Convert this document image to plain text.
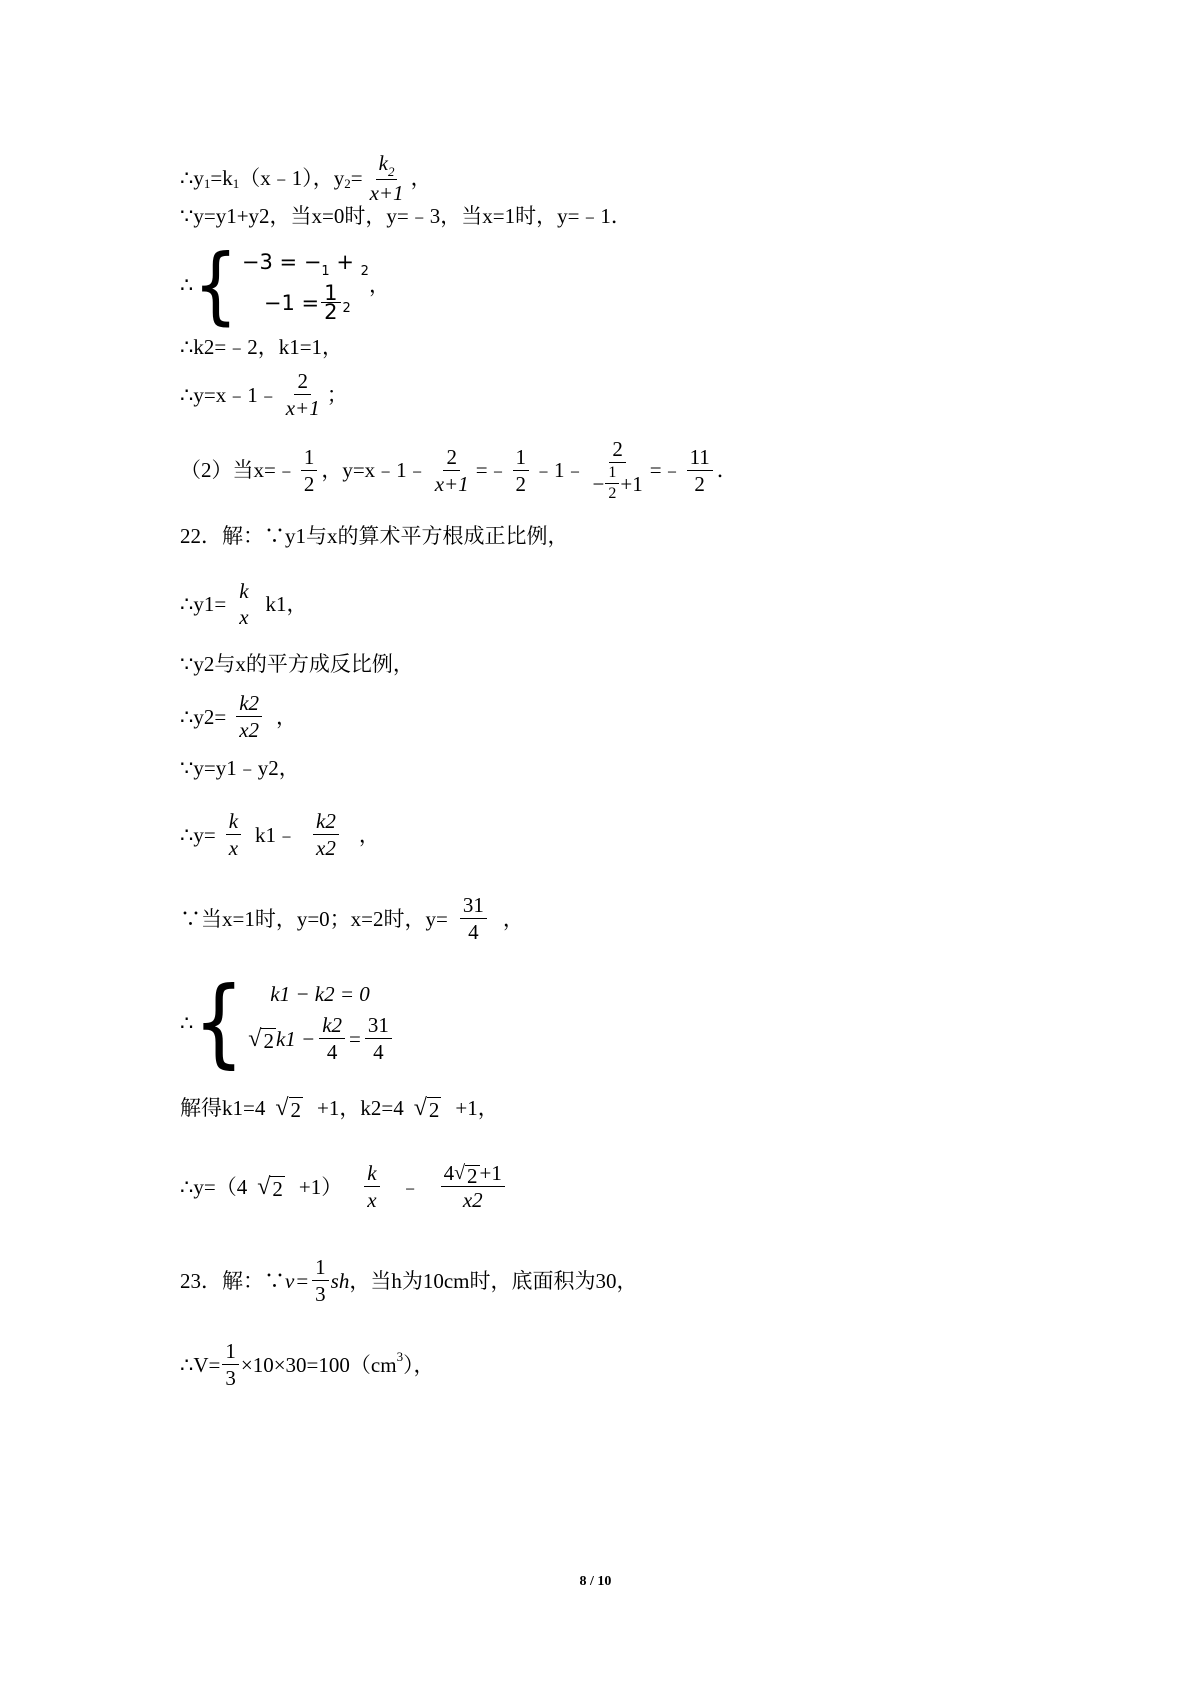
∴y 1 =k 1 （x﹣1），y $2 = \frac{k_2}{x+1}$ ，
∵y=y1+y2，当x=0时，y=﹣3，当x=1时，y=﹣1．
∴ { $-3 = -_1 + _2$
$-1 = \frac{1}{2} 2$
，
∴k2=﹣2，k1=1，
∴y=x﹣1﹣ $\frac{2}{x+1}$ ；
（2）当x=﹣ $\frac{1}{2}$ ，y=x﹣1﹣ $\frac{2}{x+1}$ =﹣ $\frac{1}{2}$ ﹣1﹣ $\frac{2}{- \frac{1}{2} +1}$ =﹣ $\frac{11}{2}$ ．
22．解：∵y1与x的算术平方根成正比例，
∴y1=
k
x
k1，
∵y2与x的平方成反比例，
∴y2= $\frac{k2}{x2}$ ，
∵y=y1﹣y2，
∴y= $\frac{k}{x}$ k1﹣ $\frac{k2}{x2}$ ，
∵当x=1时，y=0；x=2时，$y= \frac{31}{4}$ ，
∴ {	k1 − k2 = 0
√ 2 $k1 - \frac{k2}{4} = \frac{31}{4}$
解得k1=4 √ 2 +1，k2=4 √ 2 +1，
∴y=（4 √ $2 +1) \frac{k}{x}$ ﹣ $\frac{4 √ 2 +1}{x2}$
23．解：∵ $v = \frac{1}{3}$ sh ，当h为10cm时，底面积为30，
∴V= $\frac{1}{3} \times 10\times 30=100(cm$ 3 ），
8 / 10
